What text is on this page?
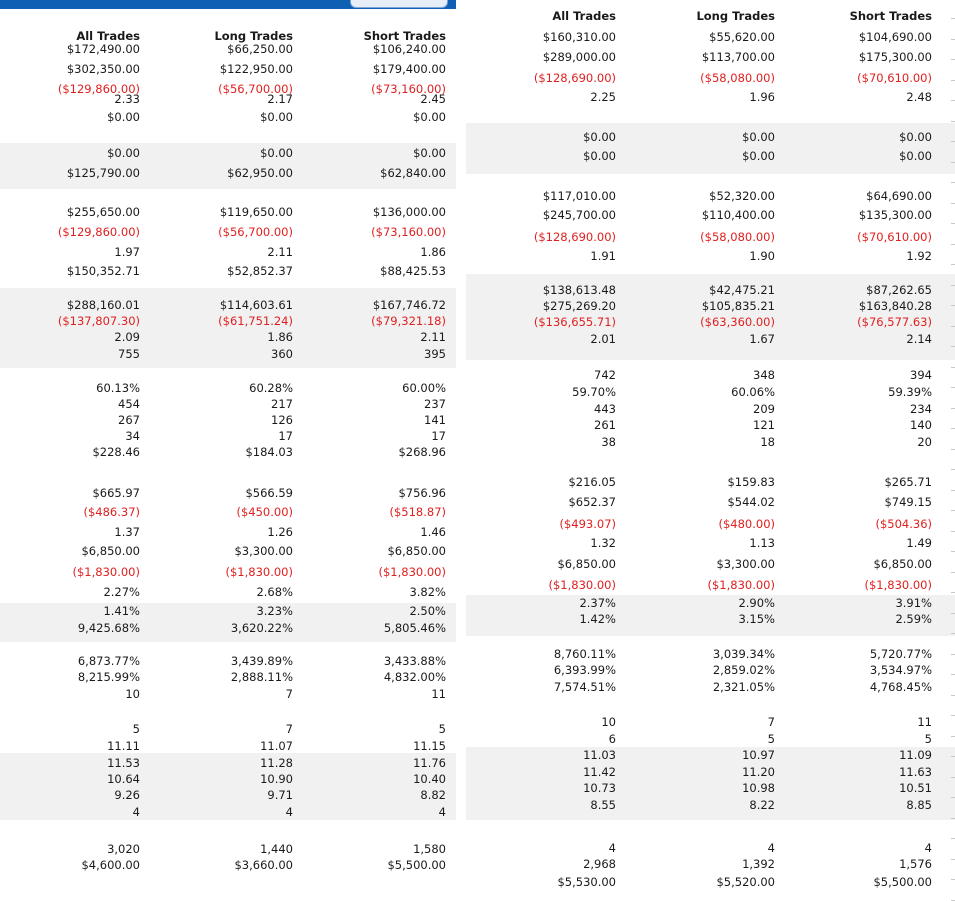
All Trades	Long Trades	Short Trades
$172,490.00	$66,250.00	$106,240.00
$302,350.00	$122,950.00	$179,400.00
($129,860.00)	($56,700.00)	($73,160.00)
2.33	2.17	2.45
$0.00	$0.00	$0.00
$0.00	$0.00	$0.00
$125,790.00	$62,950.00	$62,840.00
$255,650.00	$119,650.00	$136,000.00
($129,860.00)	($56,700.00)	($73,160.00)
1.97	2.11	1.86
$150,352.71	$52,852.37	$88,425.53
$288,160.01	$114,603.61	$167,746.72
($137,807.30)	($61,751.24)	($79,321.18)
2.09	1.86	2.11
755	360	395
60.13%	60.28%	60.00%
454	217	237
267	126	141
34	17	17
$228.46	$184.03	$268.96
$665.97	$566.59	$756.96
($486.37)	($450.00)	($518.87)
1.37	1.26	1.46
$6,850.00	$3,300.00	$6,850.00
($1,830.00)	($1,830.00)	($1,830.00)
2.27%	2.68%	3.82%
1.41%	3.23%	2.50%
9,425.68%	3,620.22%	5,805.46%
6,873.77%	3,439.89%	3,433.88%
8,215.99%	2,888.11%	4,832.00%
10	7	11
5	7	5
11.11	11.07	11.15
11.53	11.28	11.76
10.64	10.90	10.40
9.26	9.71	8.82
4	4	4
3,020	1,440	1,580
$4,600.00	$3,660.00	$5,500.00
All Trades	Long Trades	Short Trades
$160,310.00	$55,620.00	$104,690.00
$289,000.00	$113,700.00	$175,300.00
($128,690.00)	($58,080.00)	($70,610.00)
2.25	1.96	2.48
$0.00	$0.00	$0.00
$0.00	$0.00	$0.00
$117,010.00	$52,320.00	$64,690.00
$245,700.00	$110,400.00	$135,300.00
($128,690.00)	($58,080.00)	($70,610.00)
1.91	1.90	1.92
$138,613.48	$42,475.21	$87,262.65
$275,269.20	$105,835.21	$163,840.28
($136,655.71)	($63,360.00)	($76,577.63)
2.01	1.67	2.14
742	348	394
59.70%	60.06%	59.39%
443	209	234
261	121	140
38	18	20
$216.05	$159.83	$265.71
$652.37	$544.02	$749.15
($493.07)	($480.00)	($504.36)
1.32	1.13	1.49
$6,850.00	$3,300.00	$6,850.00
($1,830.00)	($1,830.00)	($1,830.00)
2.37%	2.90%	3.91%
1.42%	3.15%	2.59%
8,760.11%	3,039.34%	5,720.77%
6,393.99%	2,859.02%	3,534.97%
7,574.51%	2,321.05%	4,768.45%
10	7	11
6	5	5
11.03	10.97	11.09
11.42	11.20	11.63
10.73	10.98	10.51
8.55	8.22	8.85
4	4	4
2,968	1,392	1,576
$5,530.00	$5,520.00	$5,500.00
